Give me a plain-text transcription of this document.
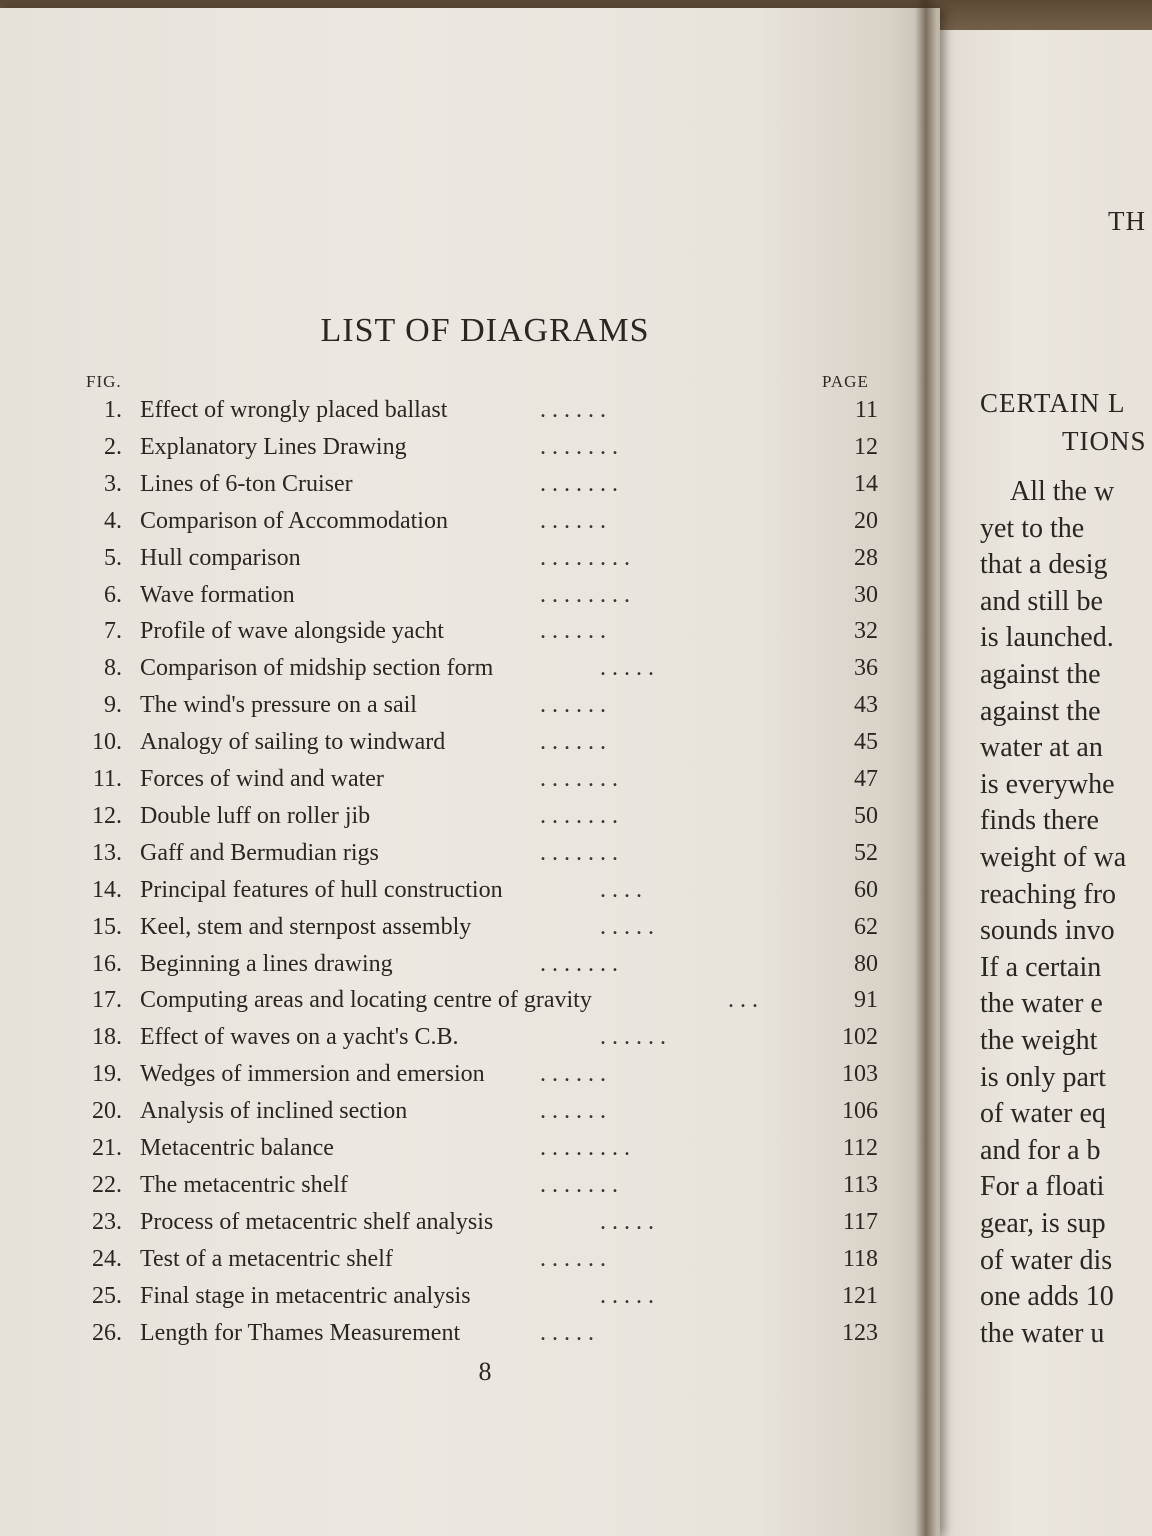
TH
CERTAIN L
TIONS
All the w
yet to the
that a desig
and still be
is launched.
against the
against the
water at an
is everywhe
finds there
weight of wa
reaching fro
sounds invo
If a certain
the water e
the weight
is only part
of water eq
and for a b
For a floati
gear, is sup
of water dis
one adds 10
the water u
LIST OF DIAGRAMS
FIG.	PAGE
1. Effect of wrongly placed ballast	. . . . . .	11
2. Explanatory Lines Drawing	. . . . . . .	12
3. Lines of 6-ton Cruiser	. . . . . . .	14
4. Comparison of Accommodation	. . . . . .	20
5. Hull comparison	. . . . . . . .	28
6. Wave formation	. . . . . . . .	30
7. Profile of wave alongside yacht	. . . . . .	32
8. Comparison of midship section form	. . . . .	36
9. The wind's pressure on a sail	. . . . . .	43
10. Analogy of sailing to windward	. . . . . .	45
11. Forces of wind and water	. . . . . . .	47
12. Double luff on roller jib	. . . . . . .	50
13. Gaff and Bermudian rigs	. . . . . . .	52
14. Principal features of hull construction	. . . .	60
15. Keel, stem and sternpost assembly	. . . . .	62
16. Beginning a lines drawing	. . . . . . .	80
17. Computing areas and locating centre of gravity	. . .	91
18. Effect of waves on a yacht's C.B.	. . . . . .	102
19. Wedges of immersion and emersion . . . . . .	103
20. Analysis of inclined section	. . . . . .	106
21. Metacentric balance	. . . . . . . .	112
22. The metacentric shelf	. . . . . . .	113
23. Process of metacentric shelf analysis	. . . . .	117
24. Test of a metacentric shelf	. . . . . .	118
25. Final stage in metacentric analysis	. . . . .	121
26. Length for Thames Measurement	. . . . .	123
8
